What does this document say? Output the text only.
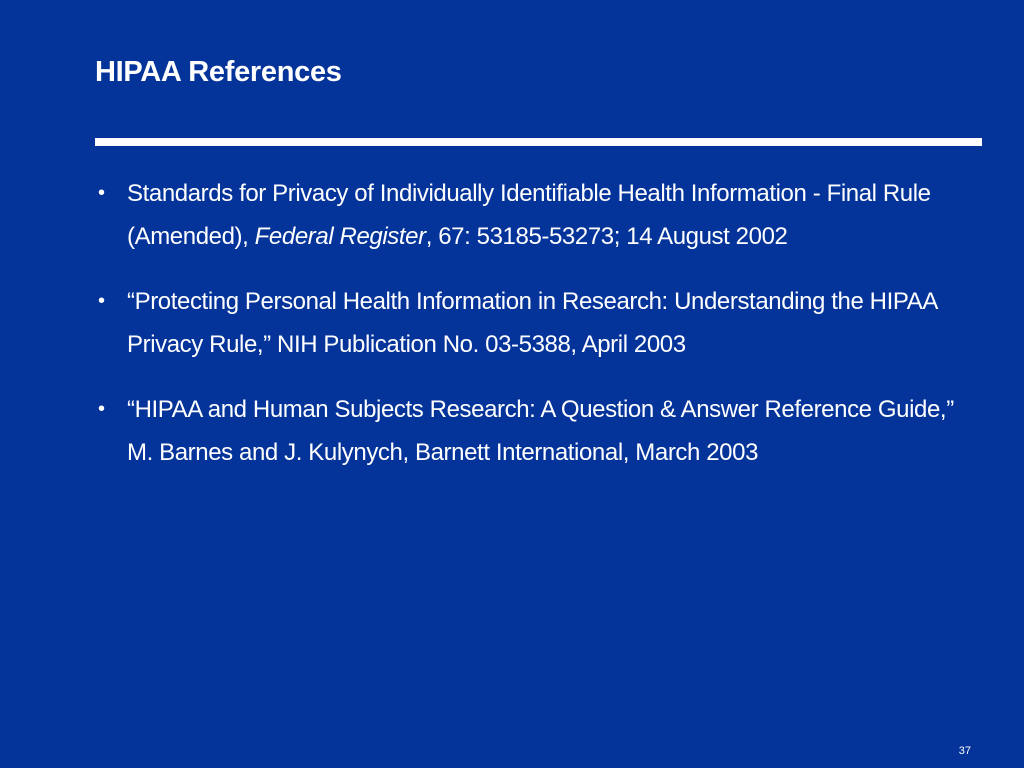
HIPAA References
• Standards for Privacy of Individually Identifiable Health Information - Final Rule (Amended), Federal Register, 67: 53185-53273; 14 August 2002
• “Protecting Personal Health Information in Research: Understanding the HIPAA Privacy Rule,” NIH Publication No. 03-5388, April 2003
• “HIPAA and Human Subjects Research: A Question & Answer Reference Guide,” M. Barnes and J. Kulynych, Barnett International, March 2003
37
